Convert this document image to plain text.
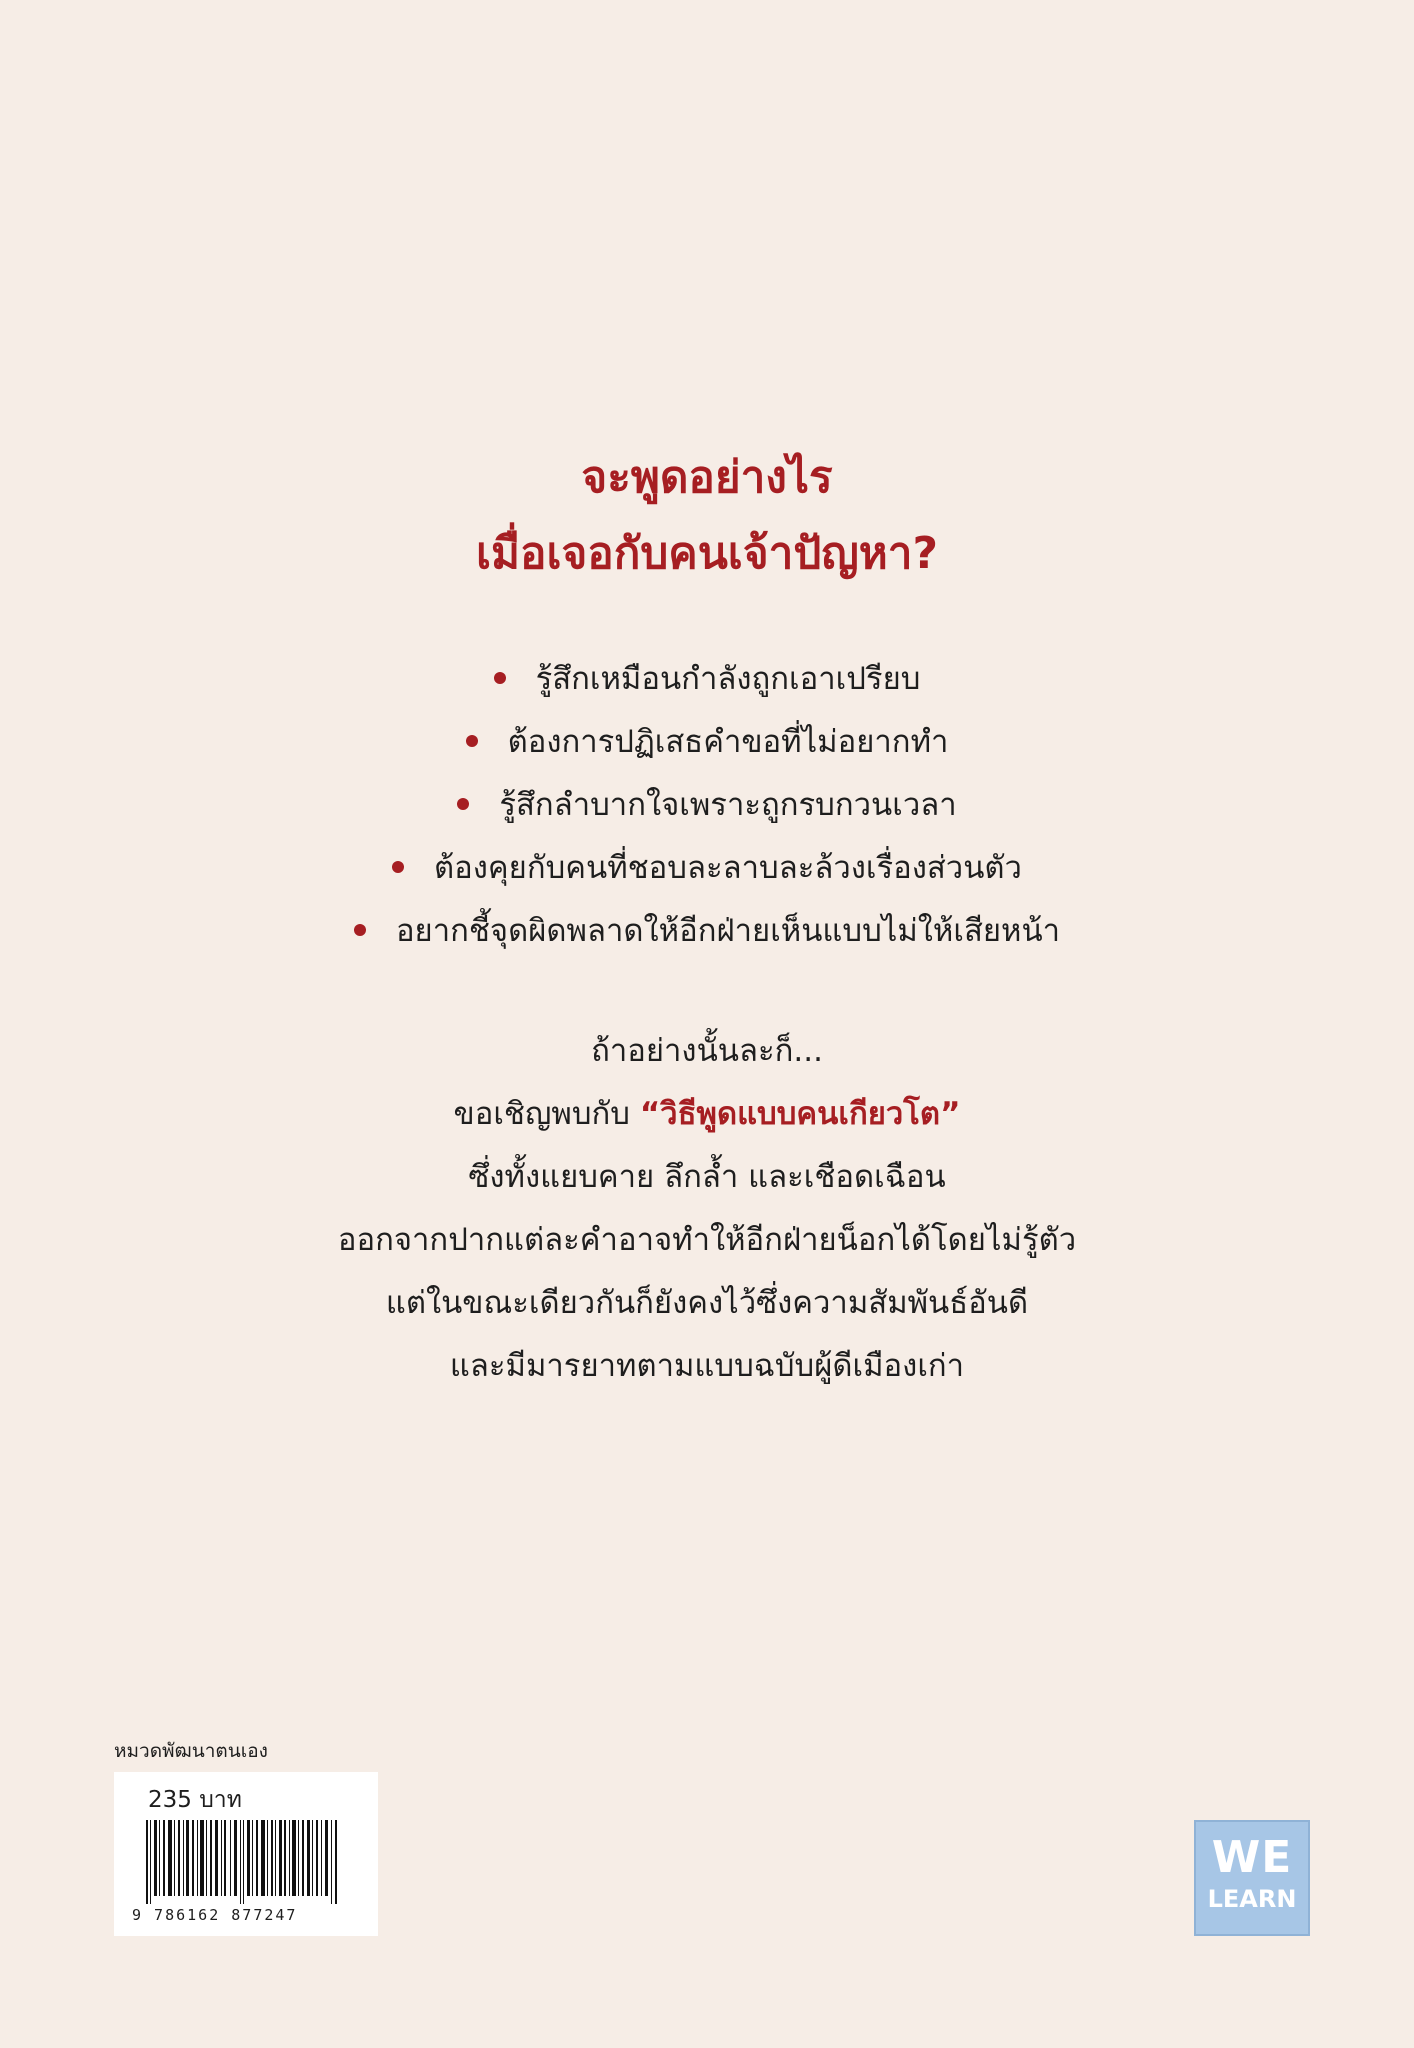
จะพูดอย่างไร
เมื่อเจอกับคนเจ้าปัญหา?
รู้สึกเหมือนกำลังถูกเอาเปรียบ
ต้องการปฏิเสธคำขอที่ไม่อยากทำ
รู้สึกลำบากใจเพราะถูกรบกวนเวลา
ต้องคุยกับคนที่ชอบละลาบละล้วงเรื่องส่วนตัว
อยากชี้จุดผิดพลาดให้อีกฝ่ายเห็นแบบไม่ให้เสียหน้า
ถ้าอย่างนั้นละก็...
ขอเชิญพบกับ “วิธีพูดแบบคนเกียวโต”
ซึ่งทั้งแยบคาย ลึกล้ำ และเชือดเฉือน
ออกจากปากแต่ละคำอาจทำให้อีกฝ่ายน็อกได้โดยไม่รู้ตัว
แต่ในขณะเดียวกันก็ยังคงไว้ซึ่งความสัมพันธ์อันดี
และมีมารยาทตามแบบฉบับผู้ดีเมืองเก่า
หมวดพัฒนาตนเอง
235 บาท
9 786162 877247
WE
LEARN
